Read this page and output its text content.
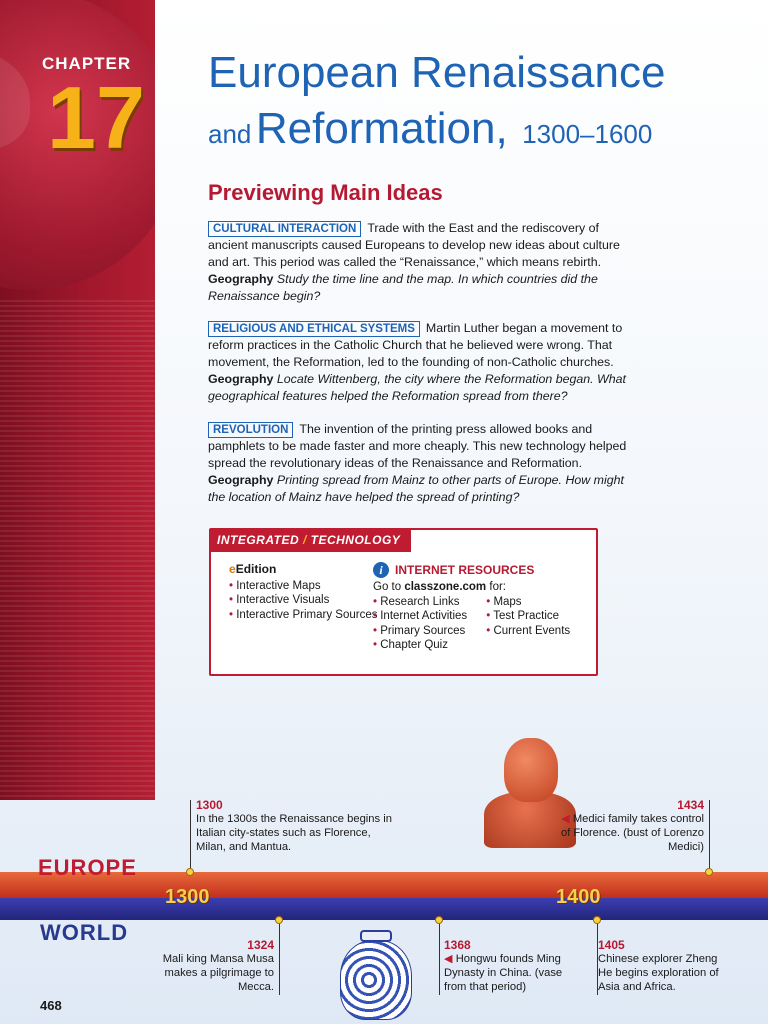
CHAPTER
17 European Renaissance
and Reformation, 1300–1600
Previewing Main Ideas

CULTURAL INTERACTION Trade with the East and the rediscovery of ancient manuscripts caused Europeans to develop new ideas about culture and art. This period was called the “Renaissance,” which means rebirth.

Geography Study the time line and the map. In which countries did the Renaissance begin?

RELIGIOUS AND ETHICAL SYSTEMS Martin Luther began a movement to reform practices in the Catholic Church that he believed were wrong. That movement, the Reformation, led to the founding of non-Catholic churches.

Geography Locate Wittenberg, the city where the Reformation began. What geographical features helped the Reformation spread from there?

REVOLUTION The invention of the printing press allowed books and pamphlets to be made faster and more cheaply. This new technology helped spread the revolutionary ideas of the Renaissance and Reformation.

Geography Printing spread from Mainz to other parts of Europe. How might the location of Mainz have helped the spread of printing?

INTEGRATED / TECHNOLOGY
eEdition
• Interactive Maps
• Interactive Visuals
• Interactive Primary Sources
i INTERNET RESOURCES
Go to classzone.com for:
• Research Links
• Internet Activities
• Primary Sources
• Chapter Quiz

• Maps
• Test Practice
• Current Events
EUROPE
WORLD
1300	1400
1300
In the 1300s the Renaissance begins in Italian city-states such as Florence, Milan, and Mantua.
1434
◀ Medici family takes control of Florence. (bust of Lorenzo Medici)
1324
Mali king Mansa Musa makes a pilgrimage to Mecca.
1368
◀ Hongwu founds Ming Dynasty in China. (vase from that period)
1405
Chinese explorer Zheng He begins exploration of Asia and Africa.
468
